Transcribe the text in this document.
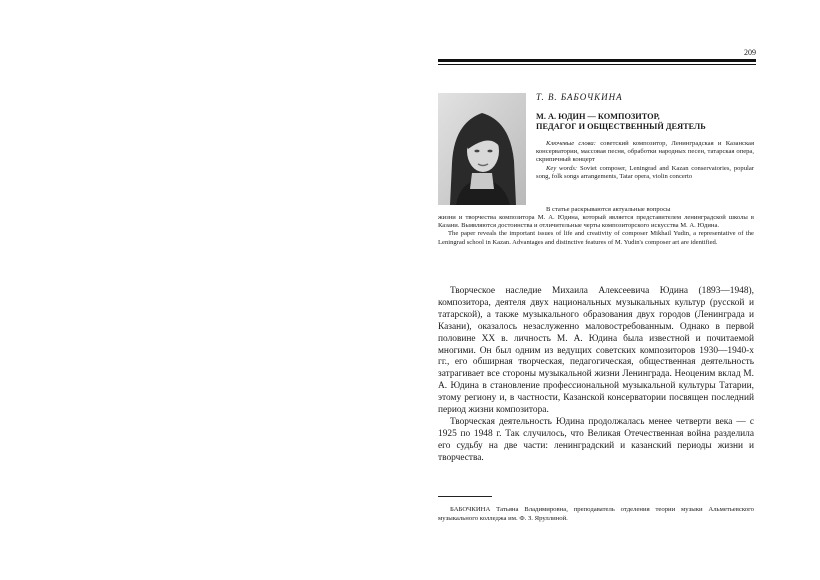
209
Т. В. БАБОЧКИНА
М. А. ЮДИН — КОМПОЗИТОР,
ПЕДАГОГ И ОБЩЕСТВЕННЫЙ ДЕЯТЕЛЬ

Ключевые слова: советский композитор, Ленинградская и Казанская консерватории, массовая песня, обработки народных песен, татарская опера, скрипичный концерт

Key words: Soviet composer, Leningrad and Kazan conservatories, popular song, folk songs arrangements, Tatar opera, violin concerto

В статье раскрываются актуальные вопросы

жизни и творчества композитора М. А. Юдина, который является представителем ленинградской школы в Казани. Выявляются достоинства и отличительные черты композиторского искусства М. А. Юдина.

The paper reveals the important issues of life and creativity of composer Mikhail Yudin, a representative of the Leningrad school in Kazan. Advantages and distinctive features of M. Yudin's composer art are identified.

Творческое наследие Михаила Алексеевича Юдина (1893—1948), композитора, деятеля двух национальных музыкальных культур (русской и татарской), а также музыкального образования двух городов (Ленинграда и Казани), оказалось незаслуженно маловостребованным. Однако в первой половине XX в. личность М. А. Юдина была известной и почитаемой многими. Он был одним из ведущих советских композиторов 1930—1940-х гг., его обширная творческая, педагогическая, общественная деятельность затрагивает все стороны музыкальной жизни Ленинграда. Неоценим вклад М. А. Юдина в становление профессиональной музыкальной культуры Татарии, этому региону и, в частности, Казанской консерватории посвящен последний период жизни композитора.

Творческая деятельность Юдина продолжалась менее четверти века — с 1925 по 1948 г. Так случилось, что Великая Отечественная война разделила его судьбу на две части: ленинградский и казанский периоды жизни и творчества.

БАБОЧКИНА Татьяна Владимировна, преподаватель отделения теории музыки Альметьевского музыкального колледжа им. Ф. З. Яруллиной.
